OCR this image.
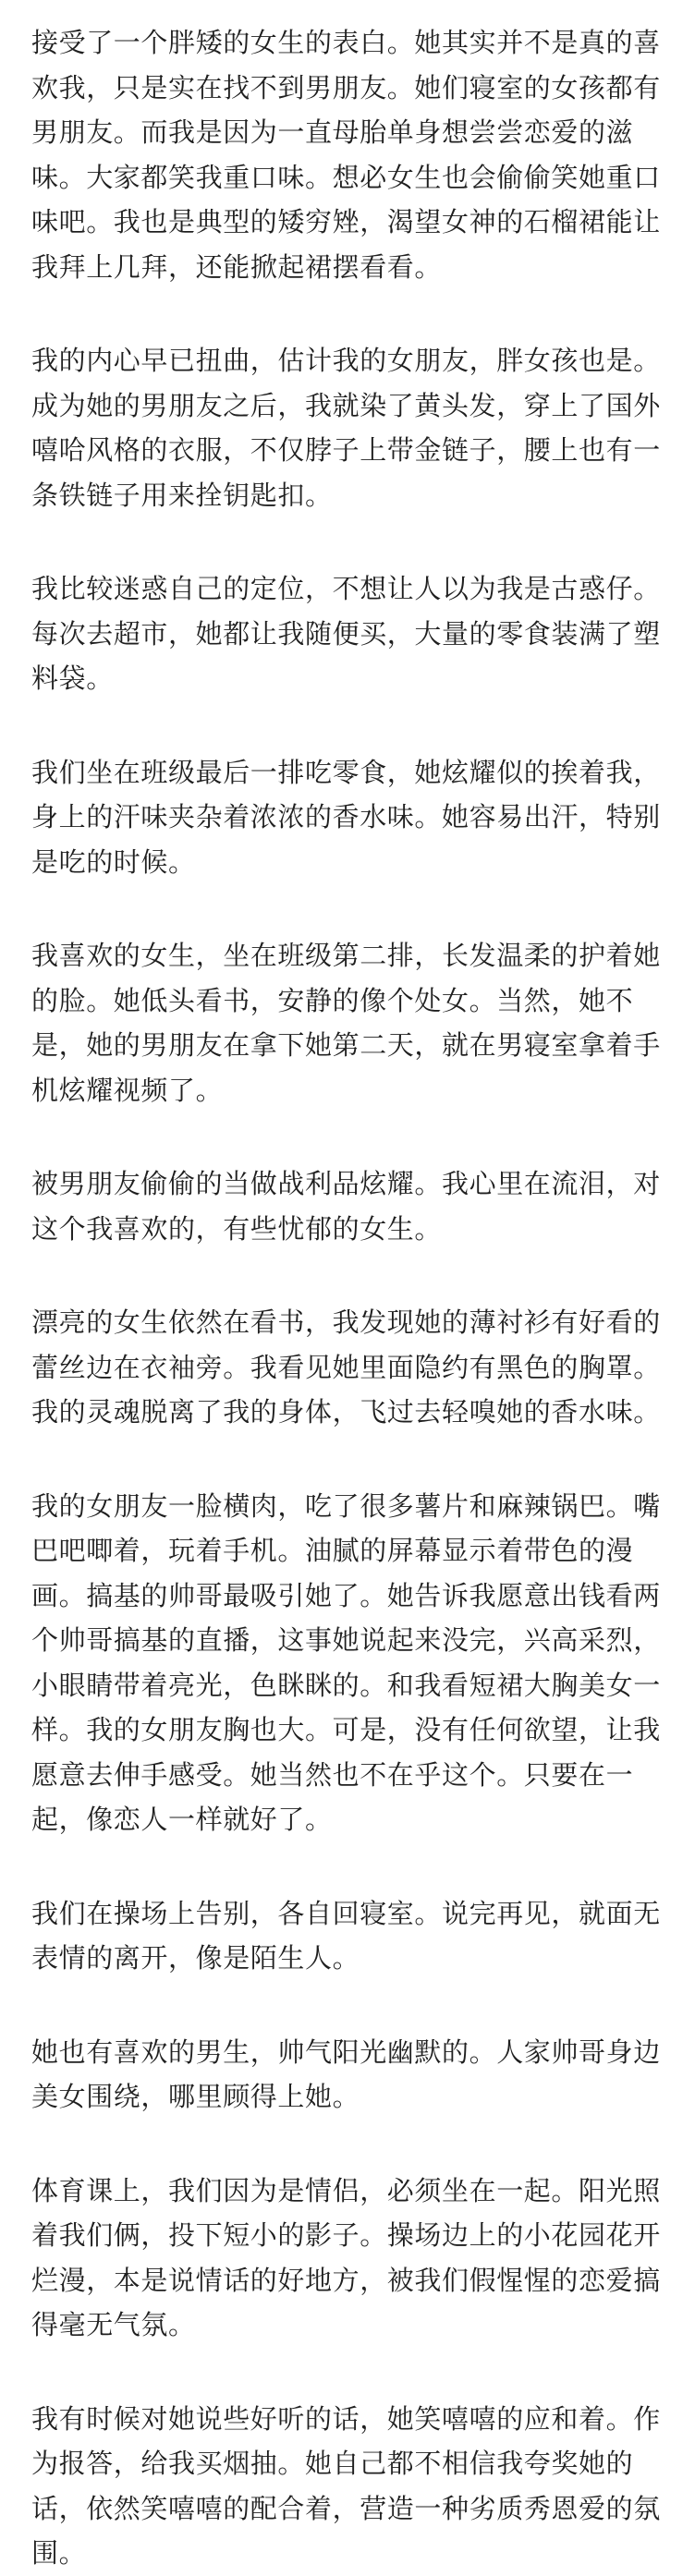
接受了一个胖矮的女生的表白。她其实并不是真的喜
欢我，只是实在找不到男朋友。她们寝室的女孩都有
男朋友。而我是因为一直母胎单身想尝尝恋爱的滋
味。大家都笑我重口味。想必女生也会偷偷笑她重口
味吧。我也是典型的矮穷矬，渴望女神的石榴裙能让
我拜上几拜，还能掀起裙摆看看。

我的内心早已扭曲，估计我的女朋友，胖女孩也是。
成为她的男朋友之后，我就染了黄头发，穿上了国外
嘻哈风格的衣服，不仅脖子上带金链子，腰上也有一
条铁链子用来拴钥匙扣。

我比较迷惑自己的定位，不想让人以为我是古惑仔。
每次去超市，她都让我随便买，大量的零食装满了塑
料袋。

我们坐在班级最后一排吃零食，她炫耀似的挨着我，
身上的汗味夹杂着浓浓的香水味。她容易出汗，特别
是吃的时候。

我喜欢的女生，坐在班级第二排，长发温柔的护着她
的脸。她低头看书，安静的像个处女。当然，她不
是，她的男朋友在拿下她第二天，就在男寝室拿着手
机炫耀视频了。

被男朋友偷偷的当做战利品炫耀。我心里在流泪，对
这个我喜欢的，有些忧郁的女生。

漂亮的女生依然在看书，我发现她的薄衬衫有好看的
蕾丝边在衣袖旁。我看见她里面隐约有黑色的胸罩。
我的灵魂脱离了我的身体，飞过去轻嗅她的香水味。

我的女朋友一脸横肉，吃了很多薯片和麻辣锅巴。嘴
巴吧唧着，玩着手机。油腻的屏幕显示着带色的漫
画。搞基的帅哥最吸引她了。她告诉我愿意出钱看两
个帅哥搞基的直播，这事她说起来没完，兴高采烈，
小眼睛带着亮光，色眯眯的。和我看短裙大胸美女一
样。我的女朋友胸也大。可是，没有任何欲望，让我
愿意去伸手感受。她当然也不在乎这个。只要在一
起，像恋人一样就好了。

我们在操场上告别，各自回寝室。说完再见，就面无
表情的离开，像是陌生人。

她也有喜欢的男生，帅气阳光幽默的。人家帅哥身边
美女围绕，哪里顾得上她。

体育课上，我们因为是情侣，必须坐在一起。阳光照
着我们俩，投下短小的影子。操场边上的小花园花开
烂漫，本是说情话的好地方，被我们假惺惺的恋爱搞
得毫无气氛。

我有时候对她说些好听的话，她笑嘻嘻的应和着。作
为报答，给我买烟抽。她自己都不相信我夸奖她的
话，依然笑嘻嘻的配合着，营造一种劣质秀恩爱的氛
围。
